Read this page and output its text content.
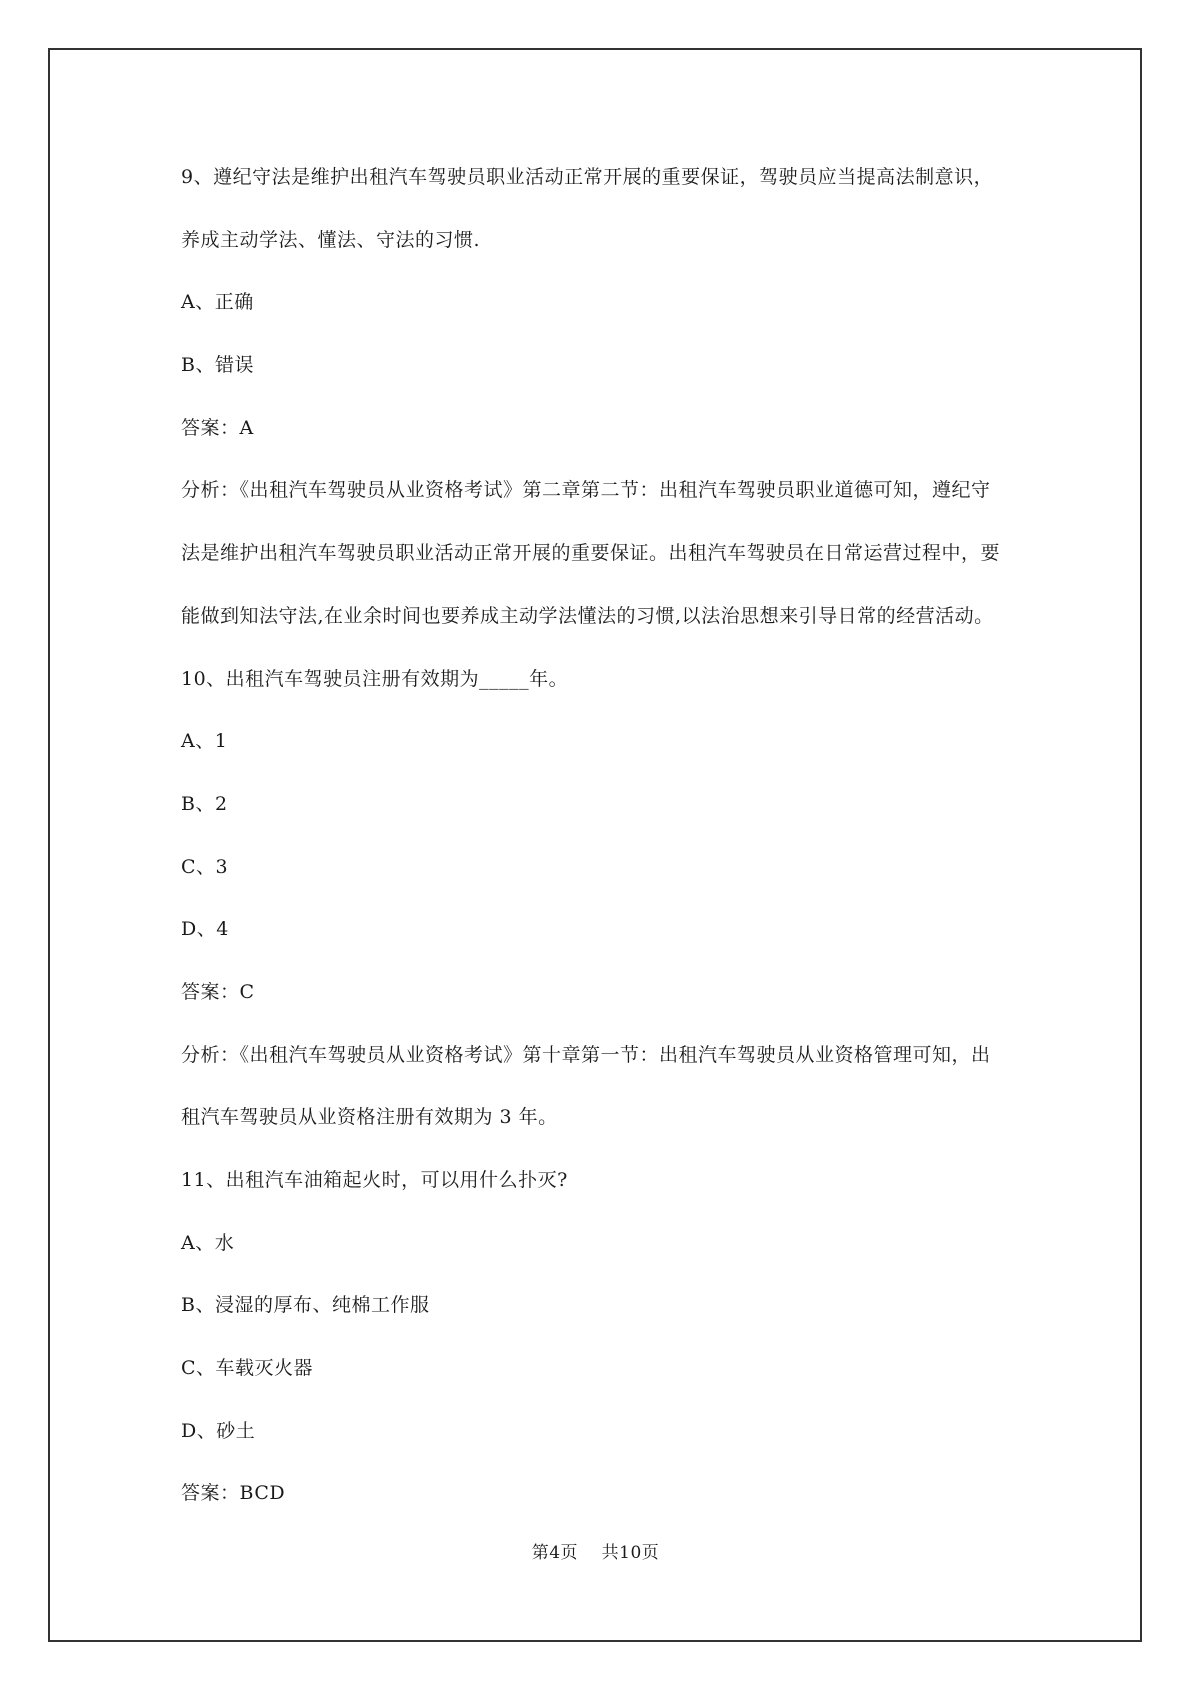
9、遵纪守法是维护出租汽车驾驶员职业活动正常开展的重要保证，驾驶员应当提高法制意识，
养成主动学法、懂法、守法的习惯.
A、正确
B、错误
答案：A
分析：《出租汽车驾驶员从业资格考试》第二章第二节：出租汽车驾驶员职业道德可知，遵纪守
法是维护出租汽车驾驶员职业活动正常开展的重要保证。出租汽车驾驶员在日常运营过程中，要
能做到知法守法,在业余时间也要养成主动学法懂法的习惯,以法治思想来引导日常的经营活动。
10、出租汽车驾驶员注册有效期为_____年。
A、1
B、2
C、3
D、4
答案：C
分析：《出租汽车驾驶员从业资格考试》第十章第一节：出租汽车驾驶员从业资格管理可知，出
租汽车驾驶员从业资格注册有效期为 3 年。
11、出租汽车油箱起火时，可以用什么扑灭?
A、水
B、浸湿的厚布、纯棉工作服
C、车载灭火器
D、砂土
答案：BCD
第4页    共10页
